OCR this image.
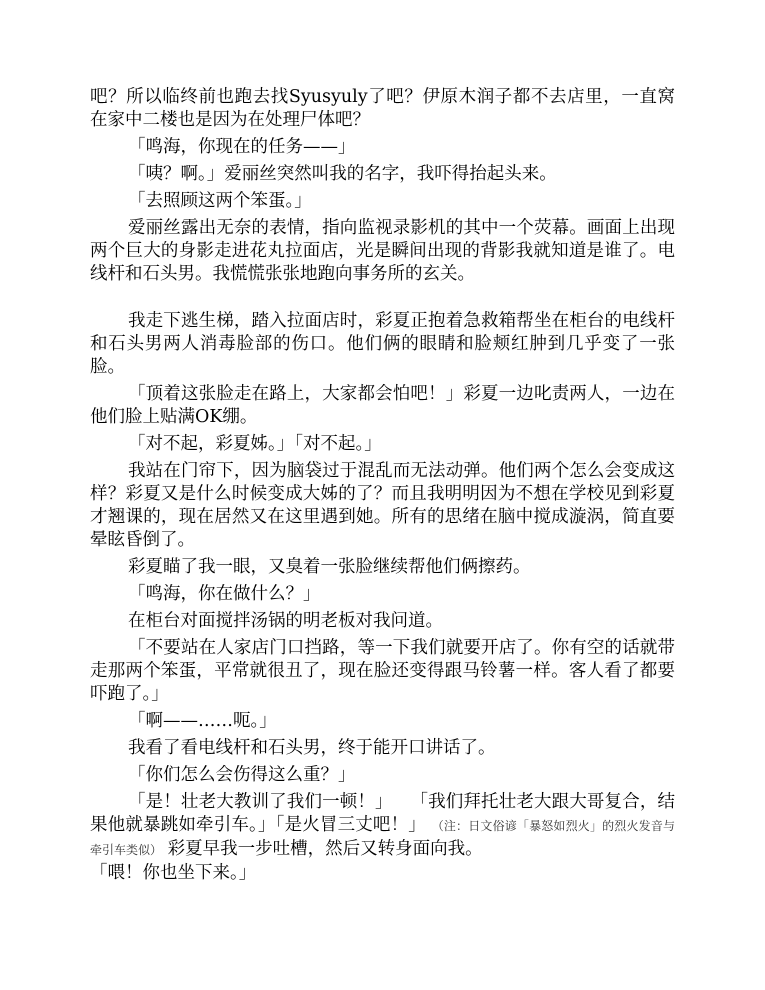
吧？所以临终前也跑去找Syusyuly了吧？伊原木润子都不去店里，一直窝在家中二楼也是因为在处理尸体吧？

「鸣海，你现在的任务——」

「咦？啊。」爱丽丝突然叫我的名字，我吓得抬起头来。

「去照顾这两个笨蛋。」

爱丽丝露出无奈的表情，指向监视录影机的其中一个荧幕。画面上出现两个巨大的身影走进花丸拉面店，光是瞬间出现的背影我就知道是谁了。电线杆和石头男。我慌慌张张地跑向事务所的玄关。

我走下逃生梯，踏入拉面店时，彩夏正抱着急救箱帮坐在柜台的电线杆和石头男两人消毒脸部的伤口。他们俩的眼睛和脸颊红肿到几乎变了一张脸。

「顶着这张脸走在路上，大家都会怕吧！」彩夏一边叱责两人，一边在他们脸上贴满OK绷。

「对不起，彩夏姊。」「对不起。」

我站在门帘下，因为脑袋过于混乱而无法动弹。他们两个怎么会变成这样？彩夏又是什么时候变成大姊的了？而且我明明因为不想在学校见到彩夏才翘课的，现在居然又在这里遇到她。所有的思绪在脑中搅成漩涡，简直要晕眩昏倒了。

彩夏瞄了我一眼，又臭着一张脸继续帮他们俩擦药。

「鸣海，你在做什么？」

在柜台对面搅拌汤锅的明老板对我问道。

「不要站在人家店门口挡路，等一下我们就要开店了。你有空的话就带走那两个笨蛋，平常就很丑了，现在脸还变得跟马铃薯一样。客人看了都要吓跑了。」

「啊——……呃。」

我看了看电线杆和石头男，终于能开口讲话了。

「你们怎么会伤得这么重？」

「是！壮老大教训了我们一顿！」　　「我们拜托壮老大跟大哥复合，结果他就暴跳如牵引车。」「是火冒三丈吧！」 （注：日文俗谚「暴怒如烈火」的烈火发音与牵引车类似） 彩夏早我一步吐槽，然后又转身面向我。

「喂！你也坐下来。」
